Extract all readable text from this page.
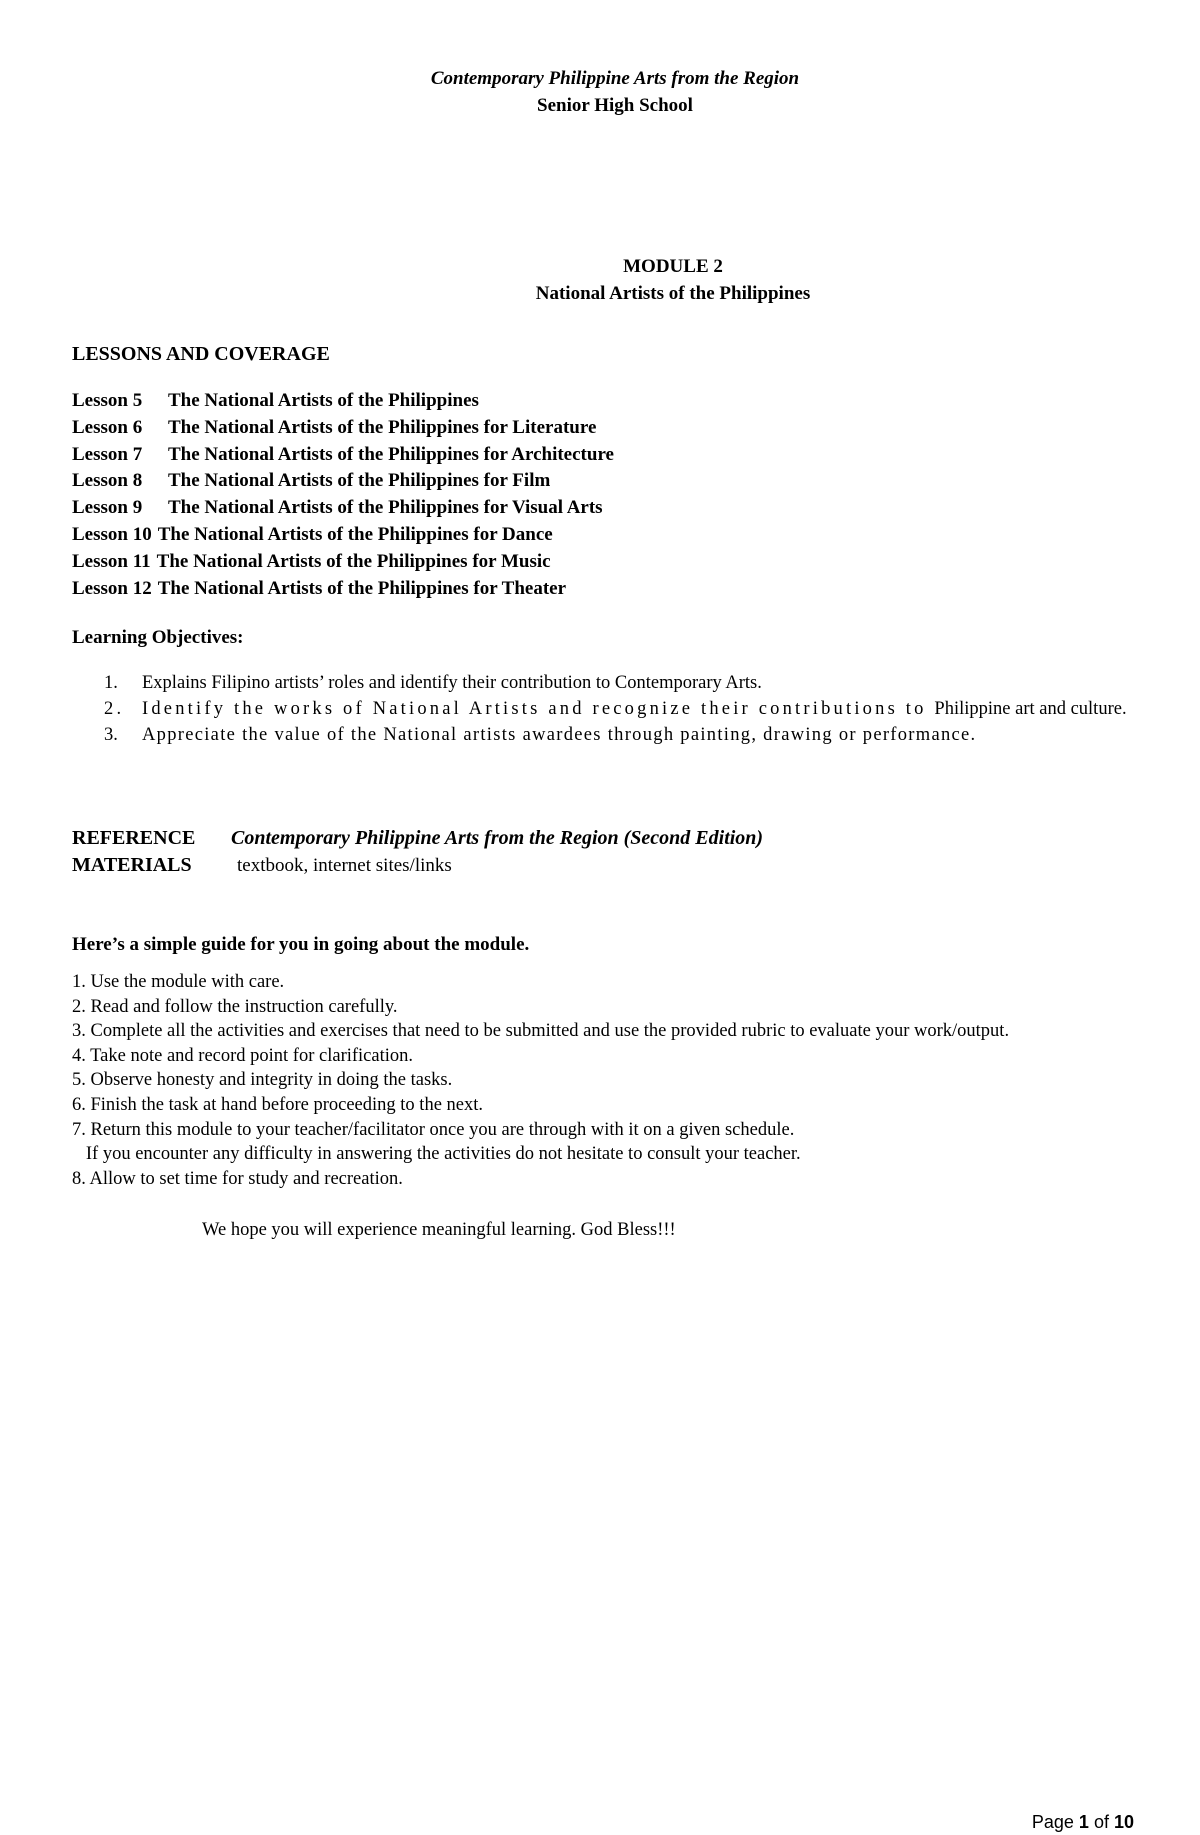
Contemporary Philippine Arts from the Region
Senior High School
MODULE 2
National Artists of the Philippines
LESSONS AND COVERAGE
Lesson 5 The National Artists of the Philippines
Lesson 6 The National Artists of the Philippines for Literature
Lesson 7 The National Artists of the Philippines for Architecture
Lesson 8 The National Artists of the Philippines for Film
Lesson 9 The National Artists of the Philippines for Visual Arts
Lesson 10 The National Artists of the Philippines for Dance
Lesson 11 The National Artists of the Philippines for Music
Lesson 12 The National Artists of the Philippines for Theater
Learning Objectives:
1. Explains Filipino artists’ roles and identify their contribution to Contemporary Arts.
2. Identify the works of National Artists and recognize their contributions to Philippine art and culture.
3. Appreciate the value of the National artists awardees through painting, drawing or performance.
REFERENCE Contemporary Philippine Arts from the Region (Second Edition)
MATERIALS textbook, internet sites/links
Here’s a simple guide for you in going about the module.
1. Use the module with care.
2. Read and follow the instruction carefully.
3. Complete all the activities and exercises that need to be submitted and use the provided rubric to evaluate your work/output.
4. Take note and record point for clarification.
5. Observe honesty and integrity in doing the tasks.
6. Finish the task at hand before proceeding to the next.
7. Return this module to your teacher/facilitator once you are through with it on a given schedule.
If you encounter any difficulty in answering the activities do not hesitate to consult your teacher.
8. Allow to set time for study and recreation.
We hope you will experience meaningful learning. God Bless!!!
Page 1 of 10
